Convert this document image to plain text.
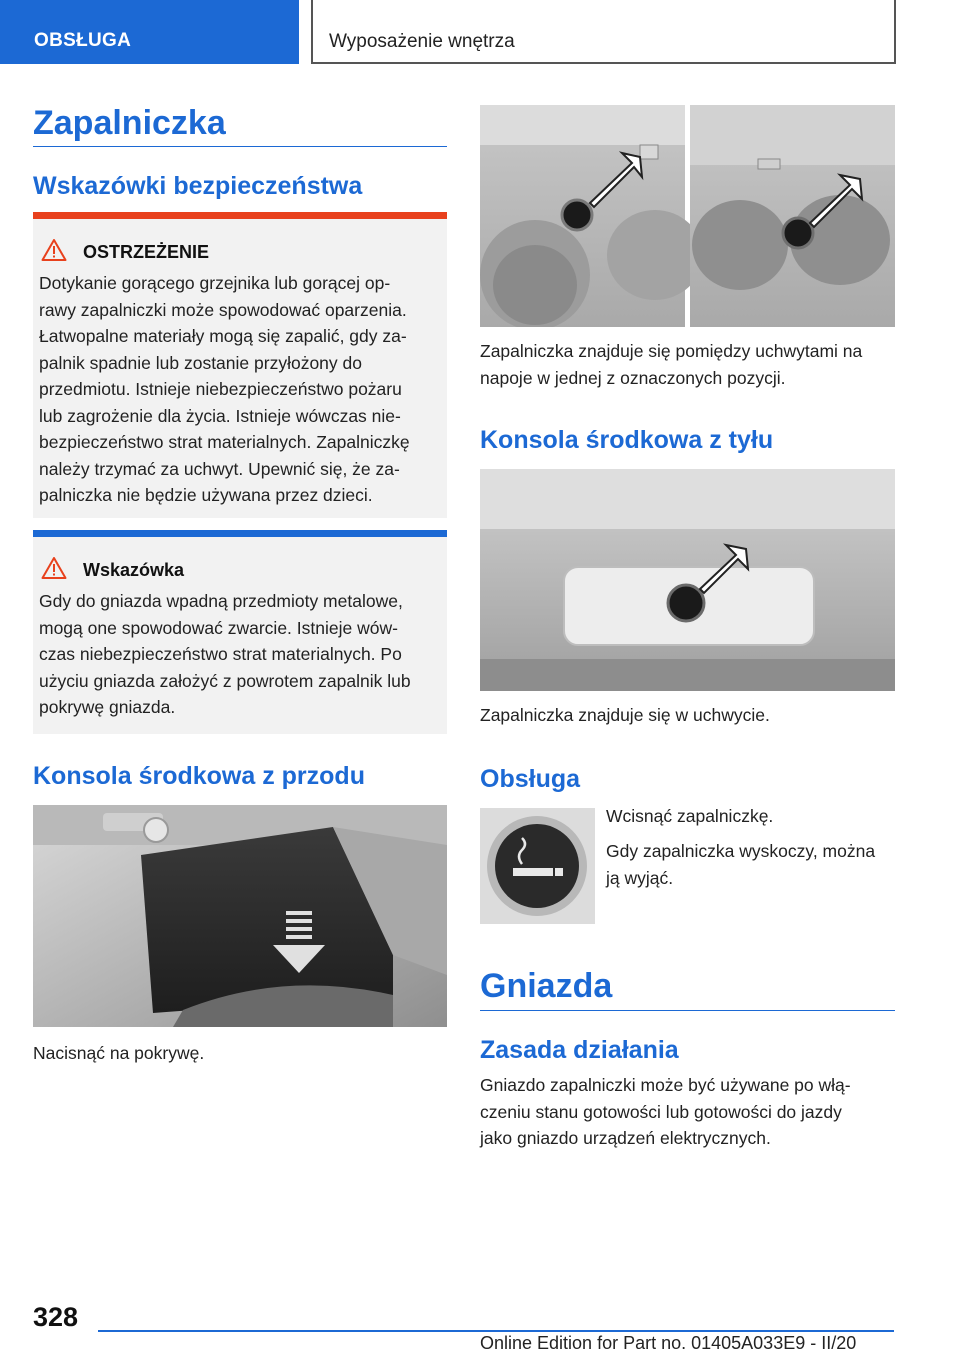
OBSŁUGA	Wyposażenie wnętrza
Zapalniczka
Wskazówki bezpieczeństwa
OSTRZEŻENIE
Dotykanie gorącego grzejnika lub gorącej op‐
rawy zapalniczki może spowodować oparzenia.
Łatwopalne materiały mogą się zapalić, gdy za‐
palnik spadnie lub zostanie przyłożony do
przedmiotu. Istnieje niebezpieczeństwo pożaru
lub zagrożenie dla życia. Istnieje wówczas nie‐
bezpieczeństwo strat materialnych. Zapalniczkę
należy trzymać za uchwyt. Upewnić się, że za‐
palniczka nie będzie używana przez dzieci.
Wskazówka
Gdy do gniazda wpadną przedmioty metalowe,
mogą one spowodować zwarcie. Istnieje wów‐
czas niebezpieczeństwo strat materialnych. Po
użyciu gniazda założyć z powrotem zapalnik lub
pokrywę gniazda.
Konsola środkowa z przodu
Nacisnąć na pokrywę.
Zapalniczka znajduje się pomiędzy uchwytami na
napoje w jednej z oznaczonych pozycji.
Konsola środkowa z tyłu
Zapalniczka znajduje się w uchwycie.
Obsługa
Wcisnąć zapalniczkę.
Gdy zapalniczka wyskoczy, można
ją wyjąć.
Gniazda
Zasada działania
Gniazdo zapalniczki może być używane po włą‐
czeniu stanu gotowości lub gotowości do jazdy
jako gniazdo urządzeń elektrycznych.
328
Online Edition for Part no. 01405A033E9 - II/20
